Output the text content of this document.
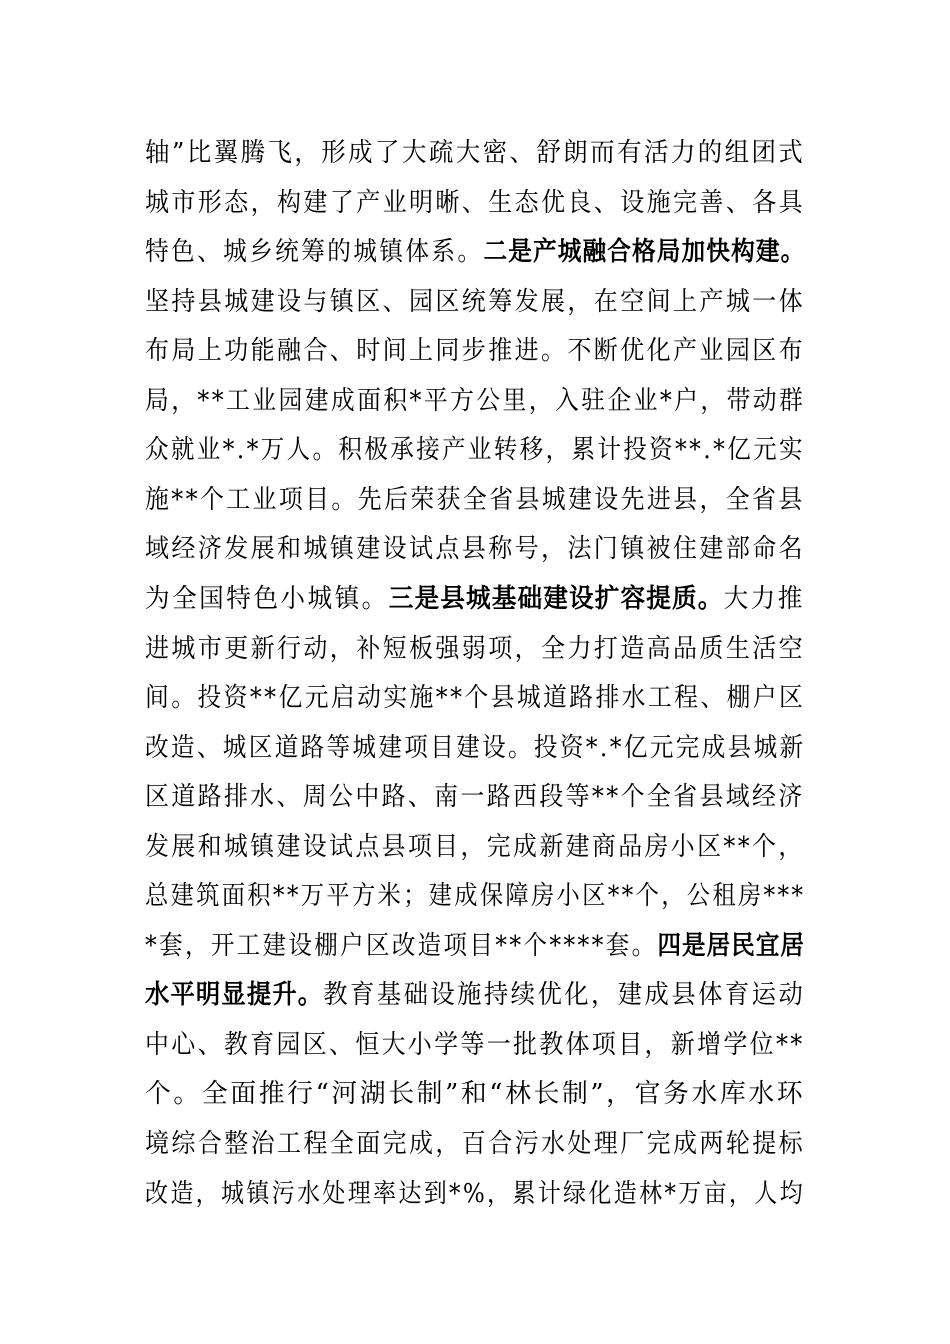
轴”比翼腾飞，形成了大疏大密、舒朗而有活力的组团式
城市形态，构建了产业明晰、生态优良、设施完善、各具
特色、城乡统筹的城镇体系。二是产城融合格局加快构建。
坚持县城建设与镇区、园区统筹发展，在空间上产城一体
布局上功能融合、时间上同步推进。不断优化产业园区布
局，**工业园建成面积*平方公里，入驻企业*户，带动群
众就业*.*万人。积极承接产业转移，累计投资**.*亿元实
施**个工业项目。先后荣获全省县城建设先进县，全省县
域经济发展和城镇建设试点县称号，法门镇被住建部命名
为全国特色小城镇。三是县城基础建设扩容提质。大力推
进城市更新行动，补短板强弱项，全力打造高品质生活空
间。投资**亿元启动实施**个县城道路排水工程、棚户区
改造、城区道路等城建项目建设。投资*.*亿元完成县城新
区道路排水、周公中路、南一路西段等**个全省县域经济
发展和城镇建设试点县项目，完成新建商品房小区**个，
总建筑面积**万平方米；建成保障房小区**个，公租房***
*套，开工建设棚户区改造项目**个****套。四是居民宜居
水平明显提升。教育基础设施持续优化，建成县体育运动
中心、教育园区、恒大小学等一批教体项目，新增学位**
个。全面推行“河湖长制”和“林长制”，官务水库水环
境综合整治工程全面完成，百合污水处理厂完成两轮提标
改造，城镇污水处理率达到*%，累计绿化造林*万亩，人均
